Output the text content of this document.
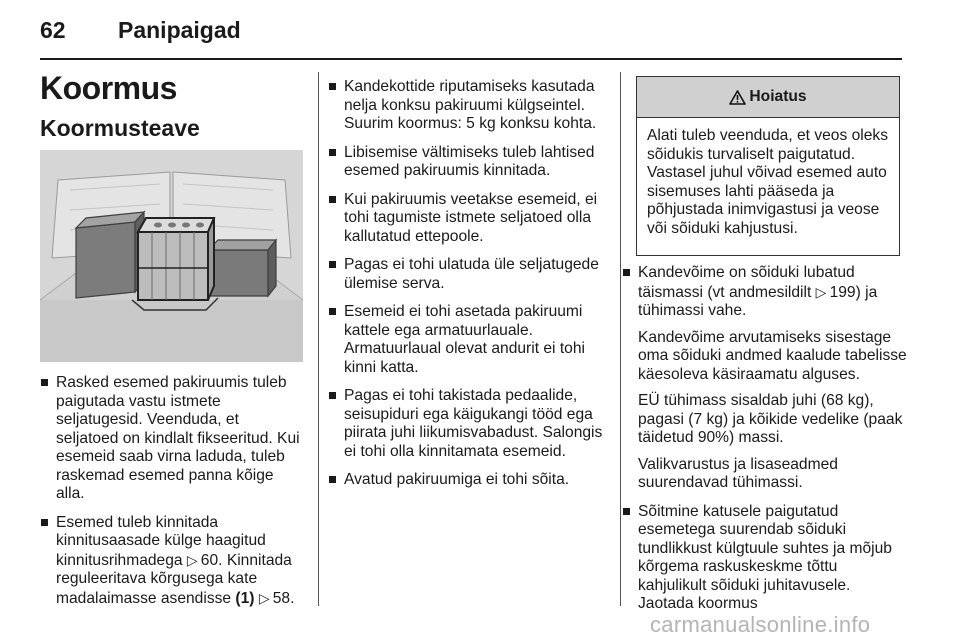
62 Panipaigad
Koormus
Koormusteave
Rasked esemed pakiruumis tuleb paigutada vastu istmete seljatugesid. Veenduda, et seljatoed on kindlalt fikseeritud. Kui esemeid saab virna laduda, tuleb raskemad esemed panna kõige alla.
Esemed tuleb kinnitada kinnitusaasade külge haagitud kinnitusrihmadega ▷  60. Kinnitada reguleeritava kõrgusega kate madalaimasse asendisse (1) ▷  58.
Kandekottide riputamiseks kasutada nelja konksu pakiruumi külgseintel. Suurim koormus: 5 kg konksu kohta.
Libisemise vältimiseks tuleb lahtised esemed pakiruumis kinnitada.
Kui pakiruumis veetakse esemeid, ei tohi tagumiste istmete seljatoed olla kallutatud ettepoole.
Pagas ei tohi ulatuda üle seljatugede ülemise serva.
Esemeid ei tohi asetada pakiruumi kattele ega armatuurlauale. Armatuurlaual olevat andurit ei tohi kinni katta.
Pagas ei tohi takistada pedaalide, seisupiduri ega käigukangi tööd ega piirata juhi liikumisvabadust. Salongis ei tohi olla kinnitamata esemeid.
Avatud pakiruumiga ei tohi sõita.
Hoiatus
Alati tuleb veenduda, et veos oleks sõidukis turvaliselt paigutatud. Vastasel juhul võivad esemed auto sisemuses lahti pääseda ja põhjustada inimvigastusi ja veose või sõiduki kahjustusi.

Kandevõime on sõiduki lubatud täismassi (vt andmesildilt ▷  199) ja tühimassi vahe.

Kandevõime arvutamiseks sisestage oma sõiduki andmed kaalude tabelisse käesoleva käsiraamatu alguses.

EÜ tühimass sisaldab juhi (68 kg), pagasi (7 kg) ja kõikide vedelike (paak täidetud 90%) massi.

Valikvarustus ja lisaseadmed suurendavad tühimassi.

Sõitmine katusele paigutatud esemetega suurendab sõiduki tundlikkust külgtuule suhtes ja mõjub kõrgema raskuskeskme tõttu kahjulikult sõiduki juhitavusele. Jaotada koormus
carmanualsonline.info
